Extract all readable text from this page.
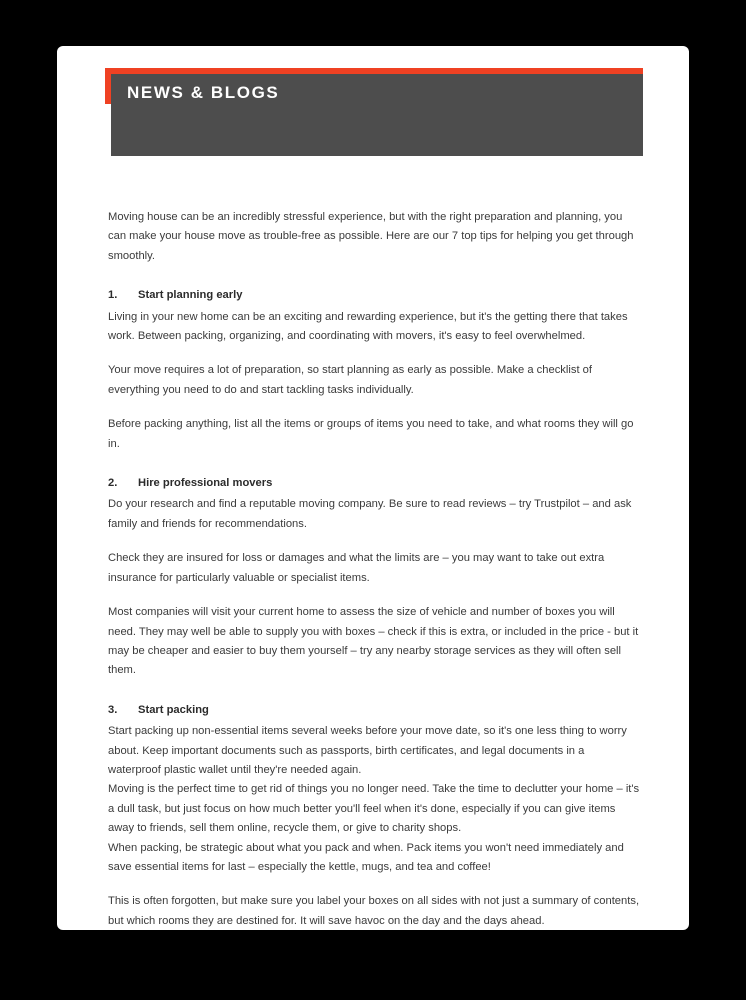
NEWS & BLOGS

Moving house can be an incredibly stressful experience, but with the right preparation and planning, you can make your house move as trouble-free as possible. Here are our 7 top tips for helping you get through smoothly.

1. Start planning early

Living in your new home can be an exciting and rewarding experience, but it's the getting there that takes work. Between packing, organizing, and coordinating with movers, it's easy to feel overwhelmed.

Your move requires a lot of preparation, so start planning as early as possible. Make a checklist of everything you need to do and start tackling tasks individually.

Before packing anything, list all the items or groups of items you need to take, and what rooms they will go in.

2. Hire professional movers

Do your research and find a reputable moving company. Be sure to read reviews – try Trustpilot – and ask family and friends for recommendations.

Check they are insured for loss or damages and what the limits are – you may want to take out extra insurance for particularly valuable or specialist items.

Most companies will visit your current home to assess the size of vehicle and number of boxes you will need. They may well be able to supply you with boxes – check if this is extra, or included in the price - but it may be cheaper and easier to buy them yourself – try any nearby storage services as they will often sell them.

3. Start packing

Start packing up non-essential items several weeks before your move date, so it's one less thing to worry about. Keep important documents such as passports, birth certificates, and legal documents in a waterproof plastic wallet until they're needed again.

Moving is the perfect time to get rid of things you no longer need. Take the time to declutter your home – it's a dull task, but just focus on how much better you'll feel when it's done, especially if you can give items away to friends, sell them online, recycle them, or give to charity shops.

When packing, be strategic about what you pack and when. Pack items you won't need immediately and save essential items for last – especially the kettle, mugs, and tea and coffee!

This is often forgotten, but make sure you label your boxes on all sides with not just a summary of contents, but which rooms they are destined for. It will save havoc on the day and the days ahead.
